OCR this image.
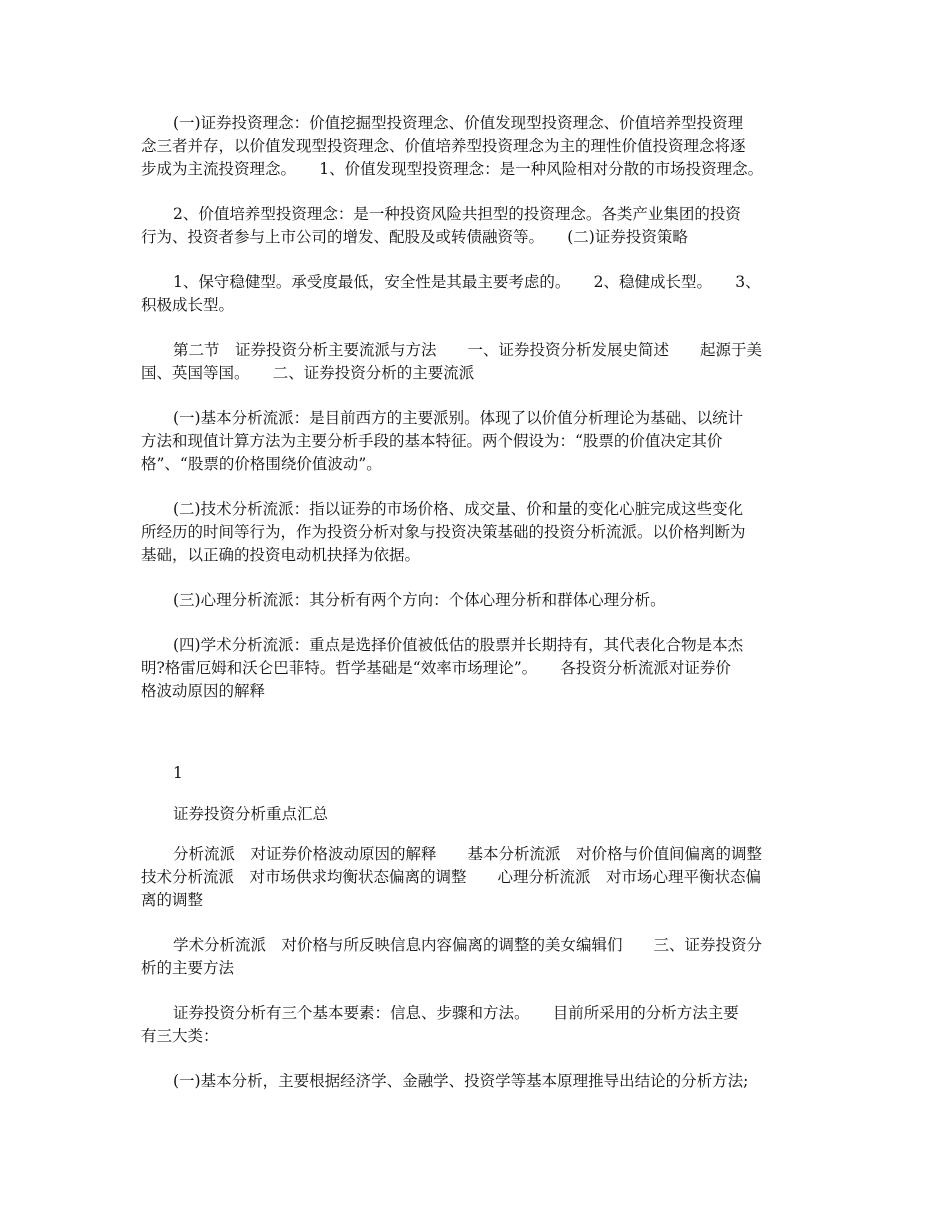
(一)证券投资理念：价值挖掘型投资理念、价值发现型投资理念、价值培养型投资理
念三者并存，以价值发现型投资理念、价值培养型投资理念为主的理性价值投资理念将逐
步成为主流投资理念。　　1、价值发现型投资理念：是一种风险相对分散的市场投资理念。
2、价值培养型投资理念：是一种投资风险共担型的投资理念。各类产业集团的投资
行为、投资者参与上市公司的增发、配股及或转债融资等。　　(二)证券投资策略
1、保守稳健型。承受度最低，安全性是其最主要考虑的。　　2、稳健成长型。　　3、
积极成长型。
第二节　证券投资分析主要流派与方法　　一、证券投资分析发展史简述　　起源于美
国、英国等国。　　二、证券投资分析的主要流派
(一)基本分析流派：是目前西方的主要派别。体现了以价值分析理论为基础、以统计
方法和现值计算方法为主要分析手段的基本特征。两个假设为：“股票的价值决定其价
格”、“股票的价格围绕价值波动”。
(二)技术分析流派：指以证券的市场价格、成交量、价和量的变化心脏完成这些变化
所经历的时间等行为，作为投资分析对象与投资决策基础的投资分析流派。以价格判断为
基础，以正确的投资电动机抉择为依据。
(三)心理分析流派：其分析有两个方向：个体心理分析和群体心理分析。
(四)学术分析流派：重点是选择价值被低估的股票并长期持有，其代表化合物是本杰
明?格雷厄姆和沃仑巴菲特。哲学基础是“效率市场理论”。　　各投资分析流派对证券价
格波动原因的解释
1
证券投资分析重点汇总
分析流派　对证券价格波动原因的解释　　基本分析流派　对价格与价值间偏离的调整
技术分析流派　对市场供求均衡状态偏离的调整　　心理分析流派　对市场心理平衡状态偏
离的调整
学术分析流派　对价格与所反映信息内容偏离的调整的美女编辑们　　三、证券投资分
析的主要方法
证券投资分析有三个基本要素：信息、步骤和方法。　　目前所采用的分析方法主要
有三大类：
(一)基本分析，主要根据经济学、金融学、投资学等基本原理推导出结论的分析方法;
